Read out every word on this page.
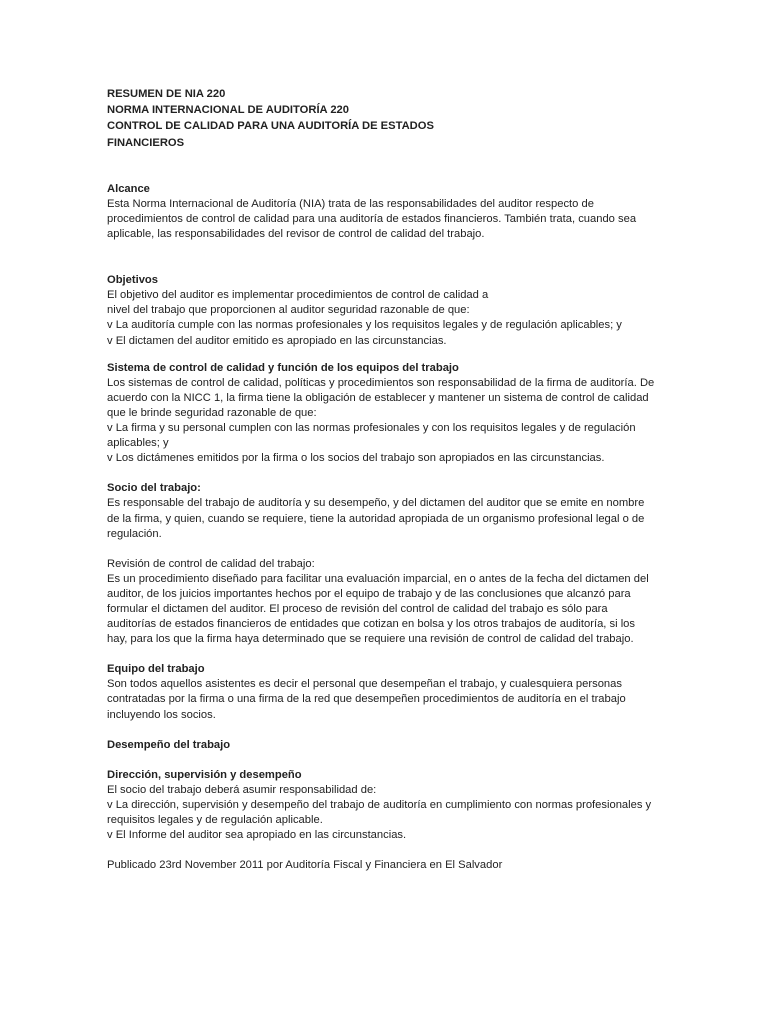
RESUMEN DE NIA 220
NORMA INTERNACIONAL DE AUDITORÍA 220
CONTROL DE CALIDAD PARA UNA AUDITORÍA DE ESTADOS
FINANCIEROS
Alcance
Esta Norma Internacional de Auditoría (NIA) trata de las responsabilidades del auditor respecto de
procedimientos de control de calidad para una auditoría de estados financieros. También trata, cuando sea
aplicable, las responsabilidades del revisor de control de calidad del trabajo.
Objetivos
El objetivo del auditor es implementar procedimientos de control de calidad a
nivel del trabajo que proporcionen al auditor seguridad razonable de que:
v La auditoría cumple con las normas profesionales y los requisitos legales y de regulación aplicables; y
v El dictamen del auditor emitido es apropiado en las circunstancias.
Sistema de control de calidad y función de los equipos del trabajo
Los sistemas de control de calidad, políticas y procedimientos son responsabilidad de la firma de auditoría. De
acuerdo con la NICC 1, la firma tiene la obligación de establecer y mantener un sistema de control de calidad
que le brinde seguridad razonable de que:
v La firma y su personal cumplen con las normas profesionales y con los requisitos legales y de regulación
aplicables; y
v Los dictámenes emitidos por la firma o los socios del trabajo son apropiados en las circunstancias.
Socio del trabajo:
Es responsable del trabajo de auditoría y su desempeño, y del dictamen del auditor que se emite en nombre
de la firma, y quien, cuando se requiere, tiene la autoridad apropiada de un organismo profesional legal o de
regulación.
Revisión de control de calidad del trabajo:
Es un procedimiento diseñado para facilitar una evaluación imparcial, en o antes de la fecha del dictamen del
auditor, de los juicios importantes hechos por el equipo de trabajo y de las conclusiones que alcanzó para
formular el dictamen del auditor. El proceso de revisión del control de calidad del trabajo es sólo para
auditorías de estados financieros de entidades que cotizan en bolsa y los otros trabajos de auditoría, si los
hay, para los que la firma haya determinado que se requiere una revisión de control de calidad del trabajo.
Equipo del trabajo
Son todos aquellos asistentes es decir el personal que desempeñan el trabajo, y cualesquiera personas
contratadas por la firma o una firma de la red que desempeñen procedimientos de auditoría en el trabajo
incluyendo los socios.
Desempeño del trabajo
Dirección, supervisión y desempeño
El socio del trabajo deberá asumir responsabilidad de:
v La dirección, supervisión y desempeño del trabajo de auditoría en cumplimiento con normas profesionales y
requisitos legales y de regulación aplicable.
v El Informe del auditor sea apropiado en las circunstancias.
Publicado 23rd November 2011 por Auditoría Fiscal y Financiera en El Salvador
